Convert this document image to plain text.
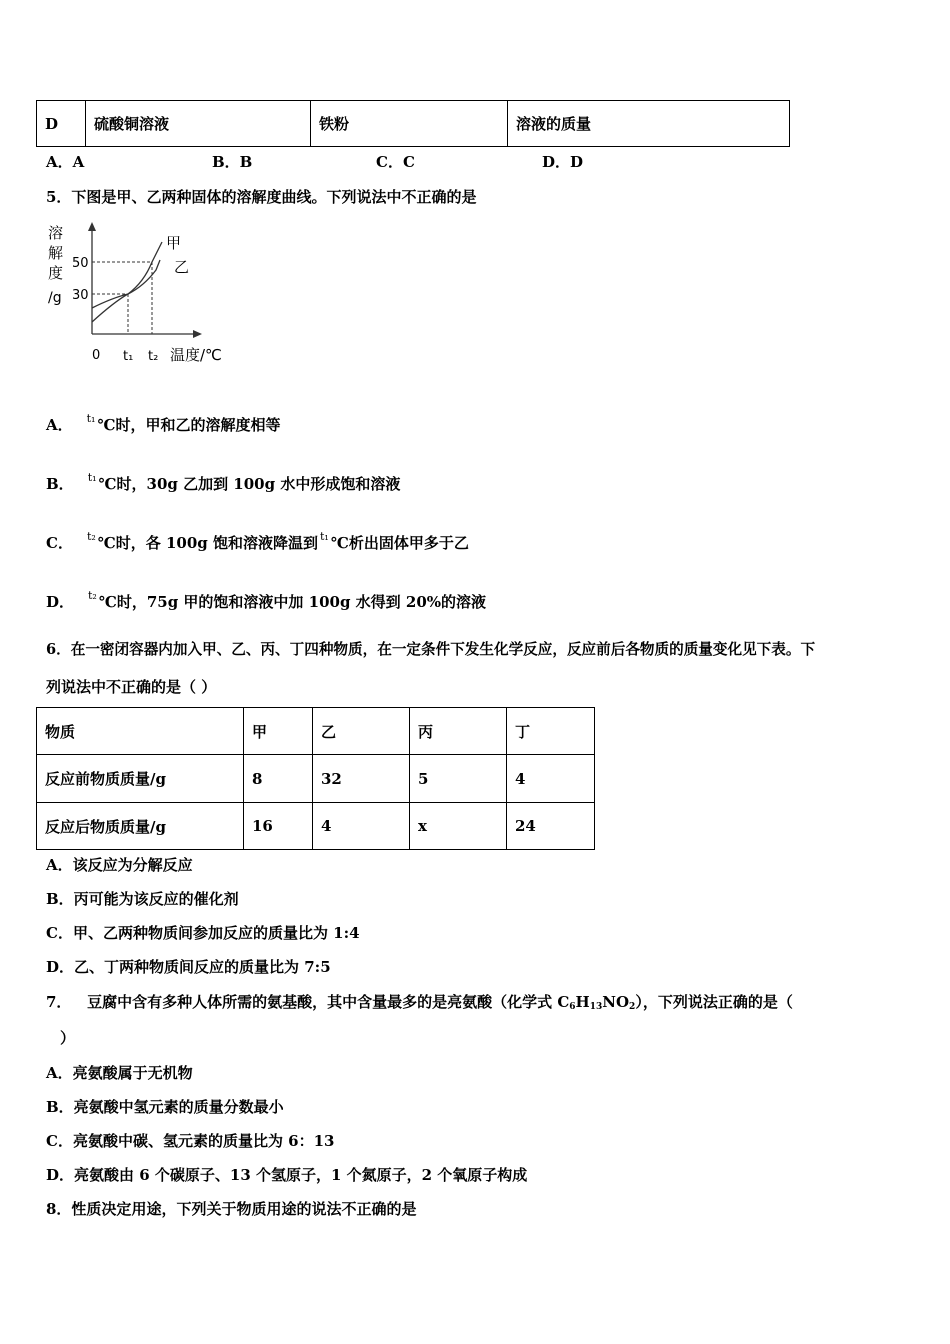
D	硫酸铜溶液	铁粉	溶液的质量
A．A	B．B	C．C	D．D
5．下图是甲、乙两种固体的溶解度曲线。下列说法中不正确的是
溶
解
度
/g
50
30
0 t₁ t₂ 温度/℃
甲
乙
A． $^{t_1}$ ℃时，甲和乙的溶解度相等
B． $^{t_1}$ ℃时，30g 乙加到 100g 水中形成饱和溶液
C． $^{t_2}$ ℃时，各 100g 饱和溶液降温到 $^{t_1}$ ℃析出固体甲多于乙
D． $^{t_2}$ ℃时，75g 甲的饱和溶液中加 100g 水得到 20%的溶液
6．在一密闭容器内加入甲、乙、丙、丁四种物质，在一定条件下发生化学反应，反应前后各物质的质量变化见下表。下
列说法中不正确的是（ ）
物质	甲	乙	丙	丁
反应前物质质量/g	8	32	5	4
反应后物质质量/g	16	4	x	24
A．该反应为分解反应
B．丙可能为该反应的催化剂
C．甲、乙两种物质间参加反应的质量比为 1:4
D．乙、丁两种物质间反应的质量比为 7:5
7．   豆腐中含有多种人体所需的氨基酸，其中含量最多的是亮氨酸（化学式 $C_6H_{13}NO_2$），下列说法正确的是（
）
A．亮氨酸属于无机物
B．亮氨酸中氢元素的质量分数最小
C．亮氨酸中碳、氢元素的质量比为 6：13
D．亮氨酸由 6 个碳原子、13 个氢原子，1 个氮原子，2 个氧原子构成
8．性质决定用途，下列关于物质用途的说法不正确的是
